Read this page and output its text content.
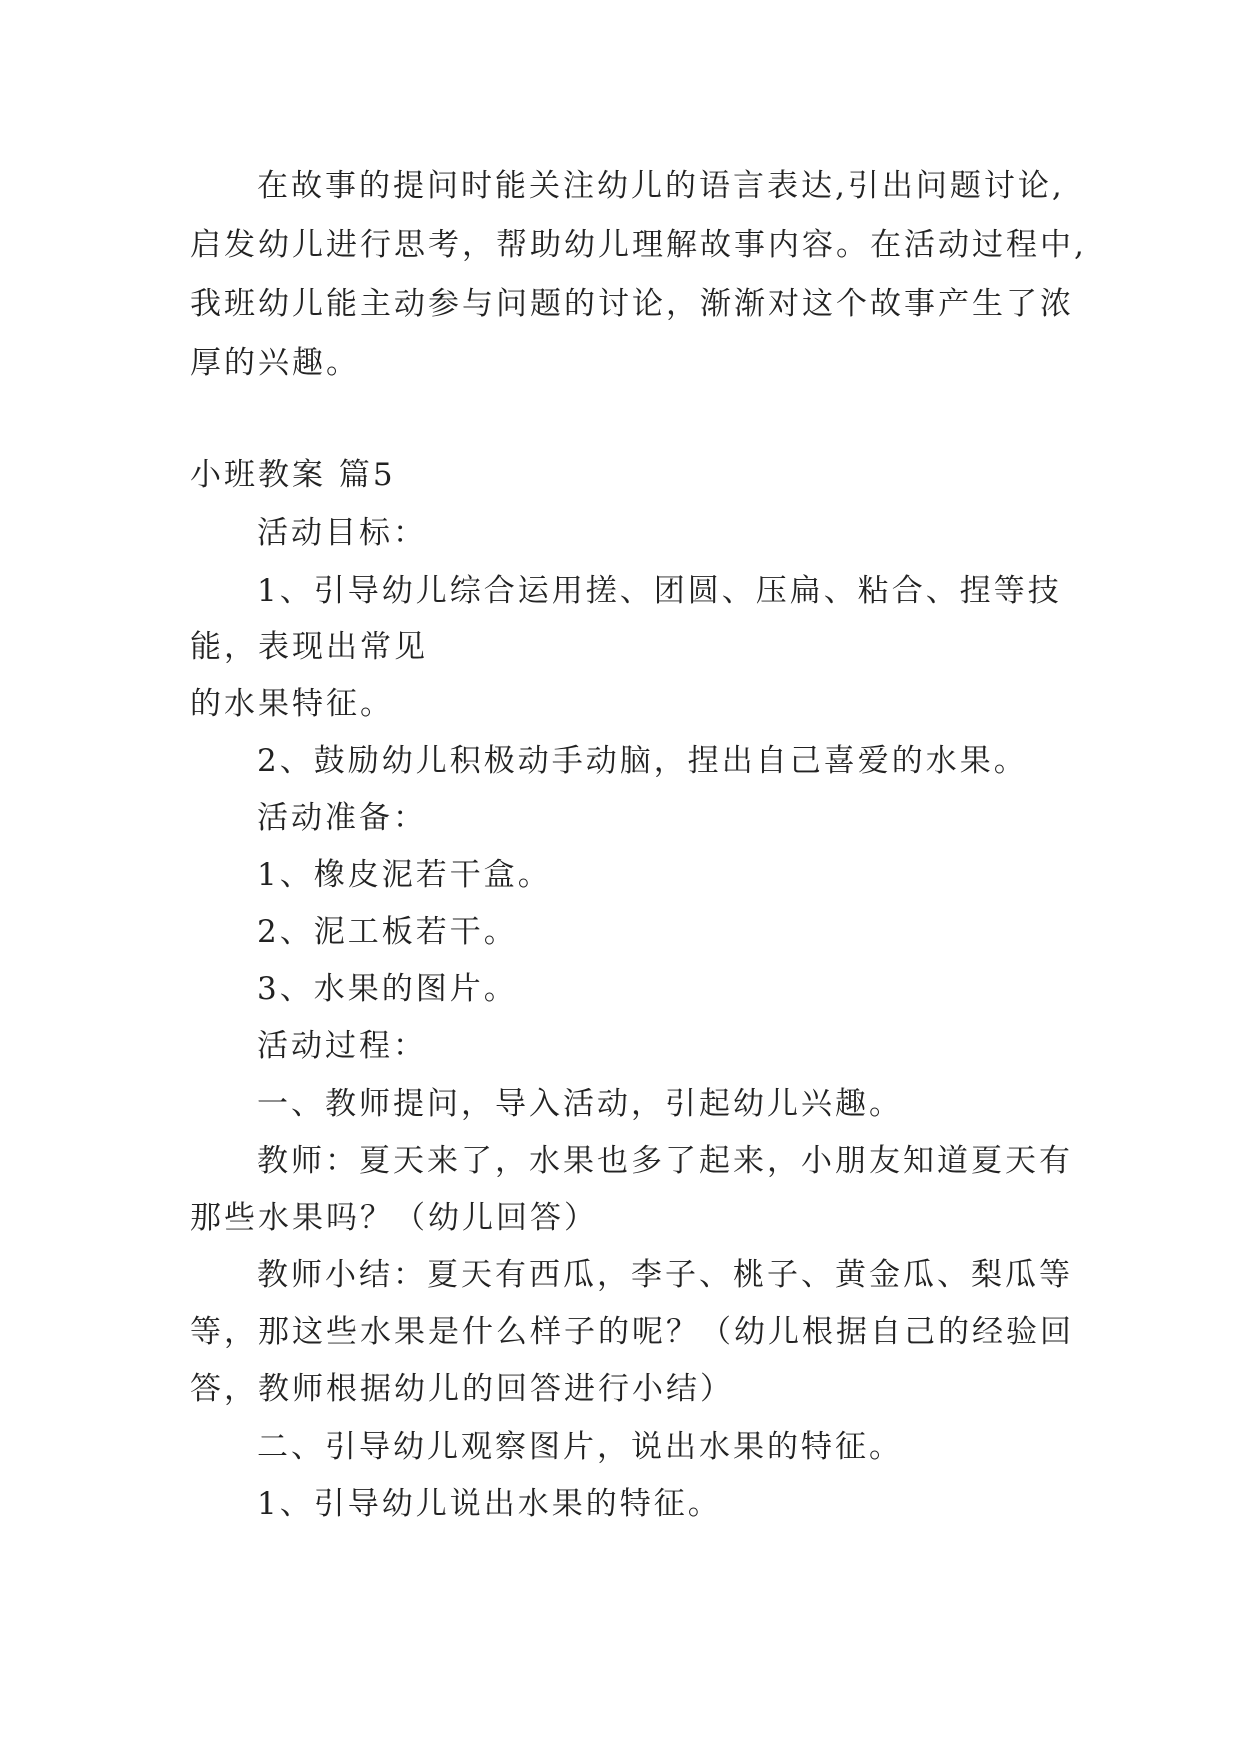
在故事的提问时能关注幼儿的语言表达,引出问题讨论,
启发幼儿进行思考，帮助幼儿理解故事内容。在活动过程中,
我班幼儿能主动参与问题的讨论，渐渐对这个故事产生了浓
厚的兴趣。
小班教案 篇5
活动目标：
1、引导幼儿综合运用搓、团圆、压扁、粘合、捏等技
能，表现出常见
的水果特征。
2、鼓励幼儿积极动手动脑，捏出自己喜爱的水果。
活动准备：
1、橡皮泥若干盒。
2、泥工板若干。
3、水果的图片。
活动过程：
一、教师提问，导入活动，引起幼儿兴趣。
教师：夏天来了，水果也多了起来，小朋友知道夏天有
那些水果吗？（幼儿回答）
教师小结：夏天有西瓜，李子、桃子、黄金瓜、梨瓜等
等，那这些水果是什么样子的呢？（幼儿根据自己的经验回
答，教师根据幼儿的回答进行小结）
二、引导幼儿观察图片，说出水果的特征。
1、引导幼儿说出水果的特征。
